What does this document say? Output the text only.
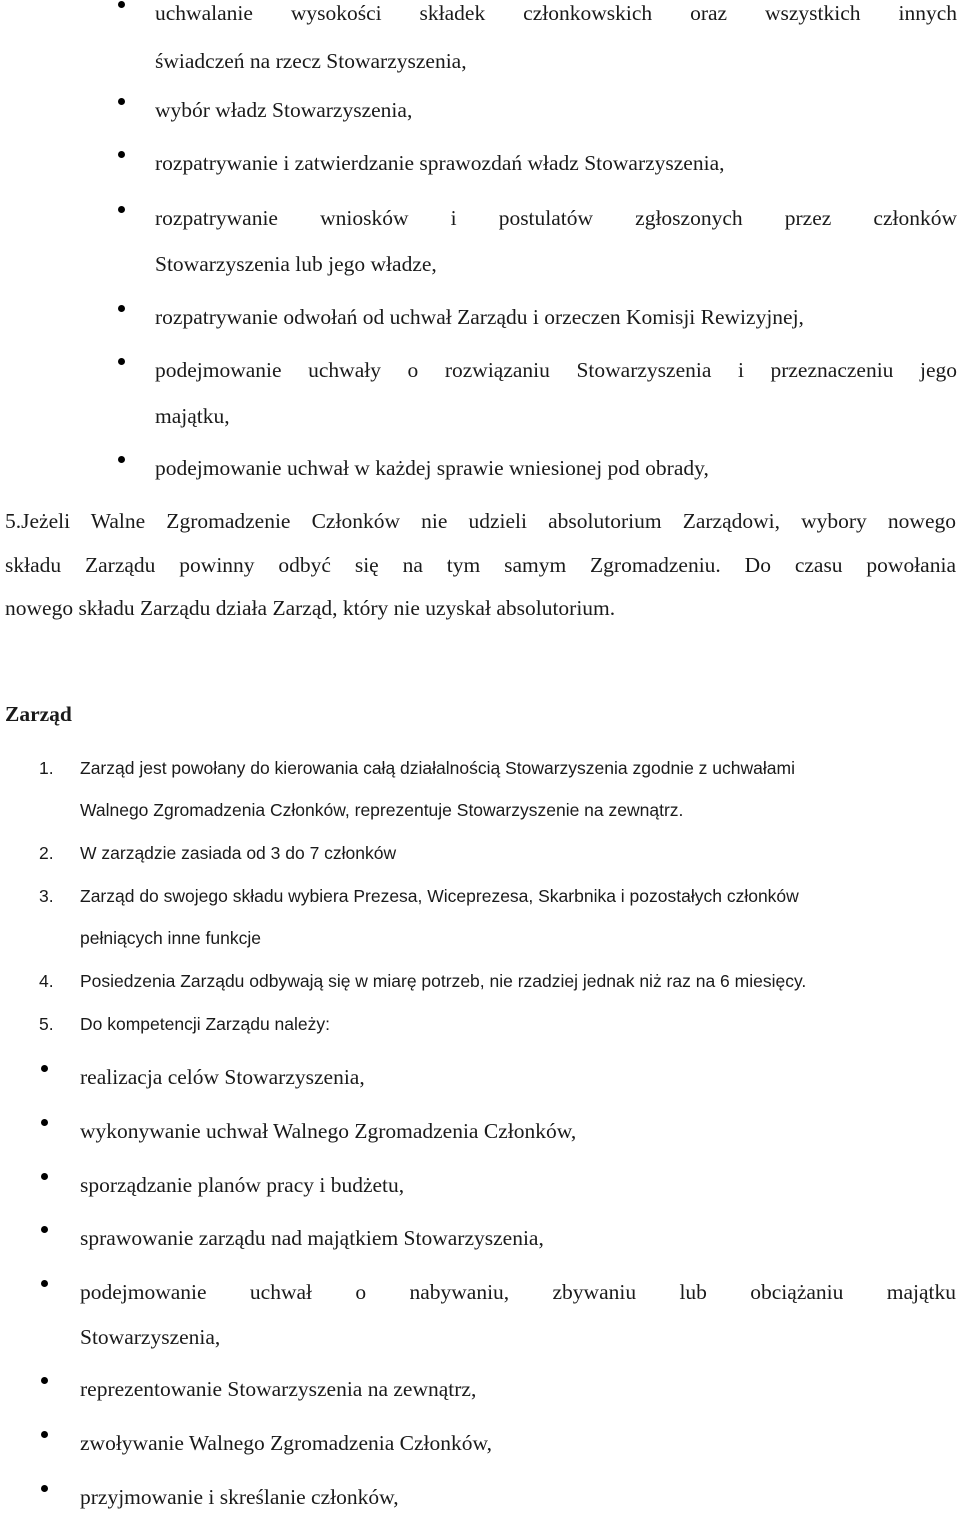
uchwalanie wysokości składek członkowskich oraz wszystkich innych

świadczeń na rzecz Stowarzyszenia,

wybór władz Stowarzyszenia,

rozpatrywanie i zatwierdzanie sprawozdań władz Stowarzyszenia,

rozpatrywanie wniosków i postulatów zgłoszonych przez członków

Stowarzyszenia lub jego władze,

rozpatrywanie odwołań od uchwał Zarządu i orzeczen Komisji Rewizyjnej,

podejmowanie uchwały o rozwiązaniu Stowarzyszenia i przeznaczeniu jego

majątku,

podejmowanie uchwał w każdej sprawie wniesionej pod obrady,

5.Jeżeli Walne Zgromadzenie Członków nie udzieli absolutorium Zarządowi, wybory nowego

składu Zarządu powinny odbyć się na tym samym Zgromadzeniu. Do czasu powołania

nowego składu Zarządu działa Zarząd, który nie uzyskał absolutorium.

Zarząd

1. Zarząd jest powołany do kierowania całą działalnością Stowarzyszenia zgodnie z uchwałami
Walnego Zgromadzenia Członków, reprezentuje Stowarzyszenie na zewnątrz.

2. W zarządzie zasiada od 3 do 7 członków

3. Zarząd do swojego składu wybiera Prezesa, Wiceprezesa, Skarbnika i pozostałych członków
pełniących inne funkcje

4. Posiedzenia Zarządu odbywają się w miarę potrzeb, nie rzadziej jednak niż raz na 6 miesięcy.

5. Do kompetencji Zarządu należy:

realizacja celów Stowarzyszenia,

wykonywanie uchwał Walnego Zgromadzenia Członków,

sporządzanie planów pracy i budżetu,

sprawowanie zarządu nad majątkiem Stowarzyszenia,

podejmowanie uchwał o nabywaniu, zbywaniu lub obciążaniu majątku

Stowarzyszenia,

reprezentowanie Stowarzyszenia na zewnątrz,

zwoływanie Walnego Zgromadzenia Członków,

przyjmowanie i skreślanie członków,
